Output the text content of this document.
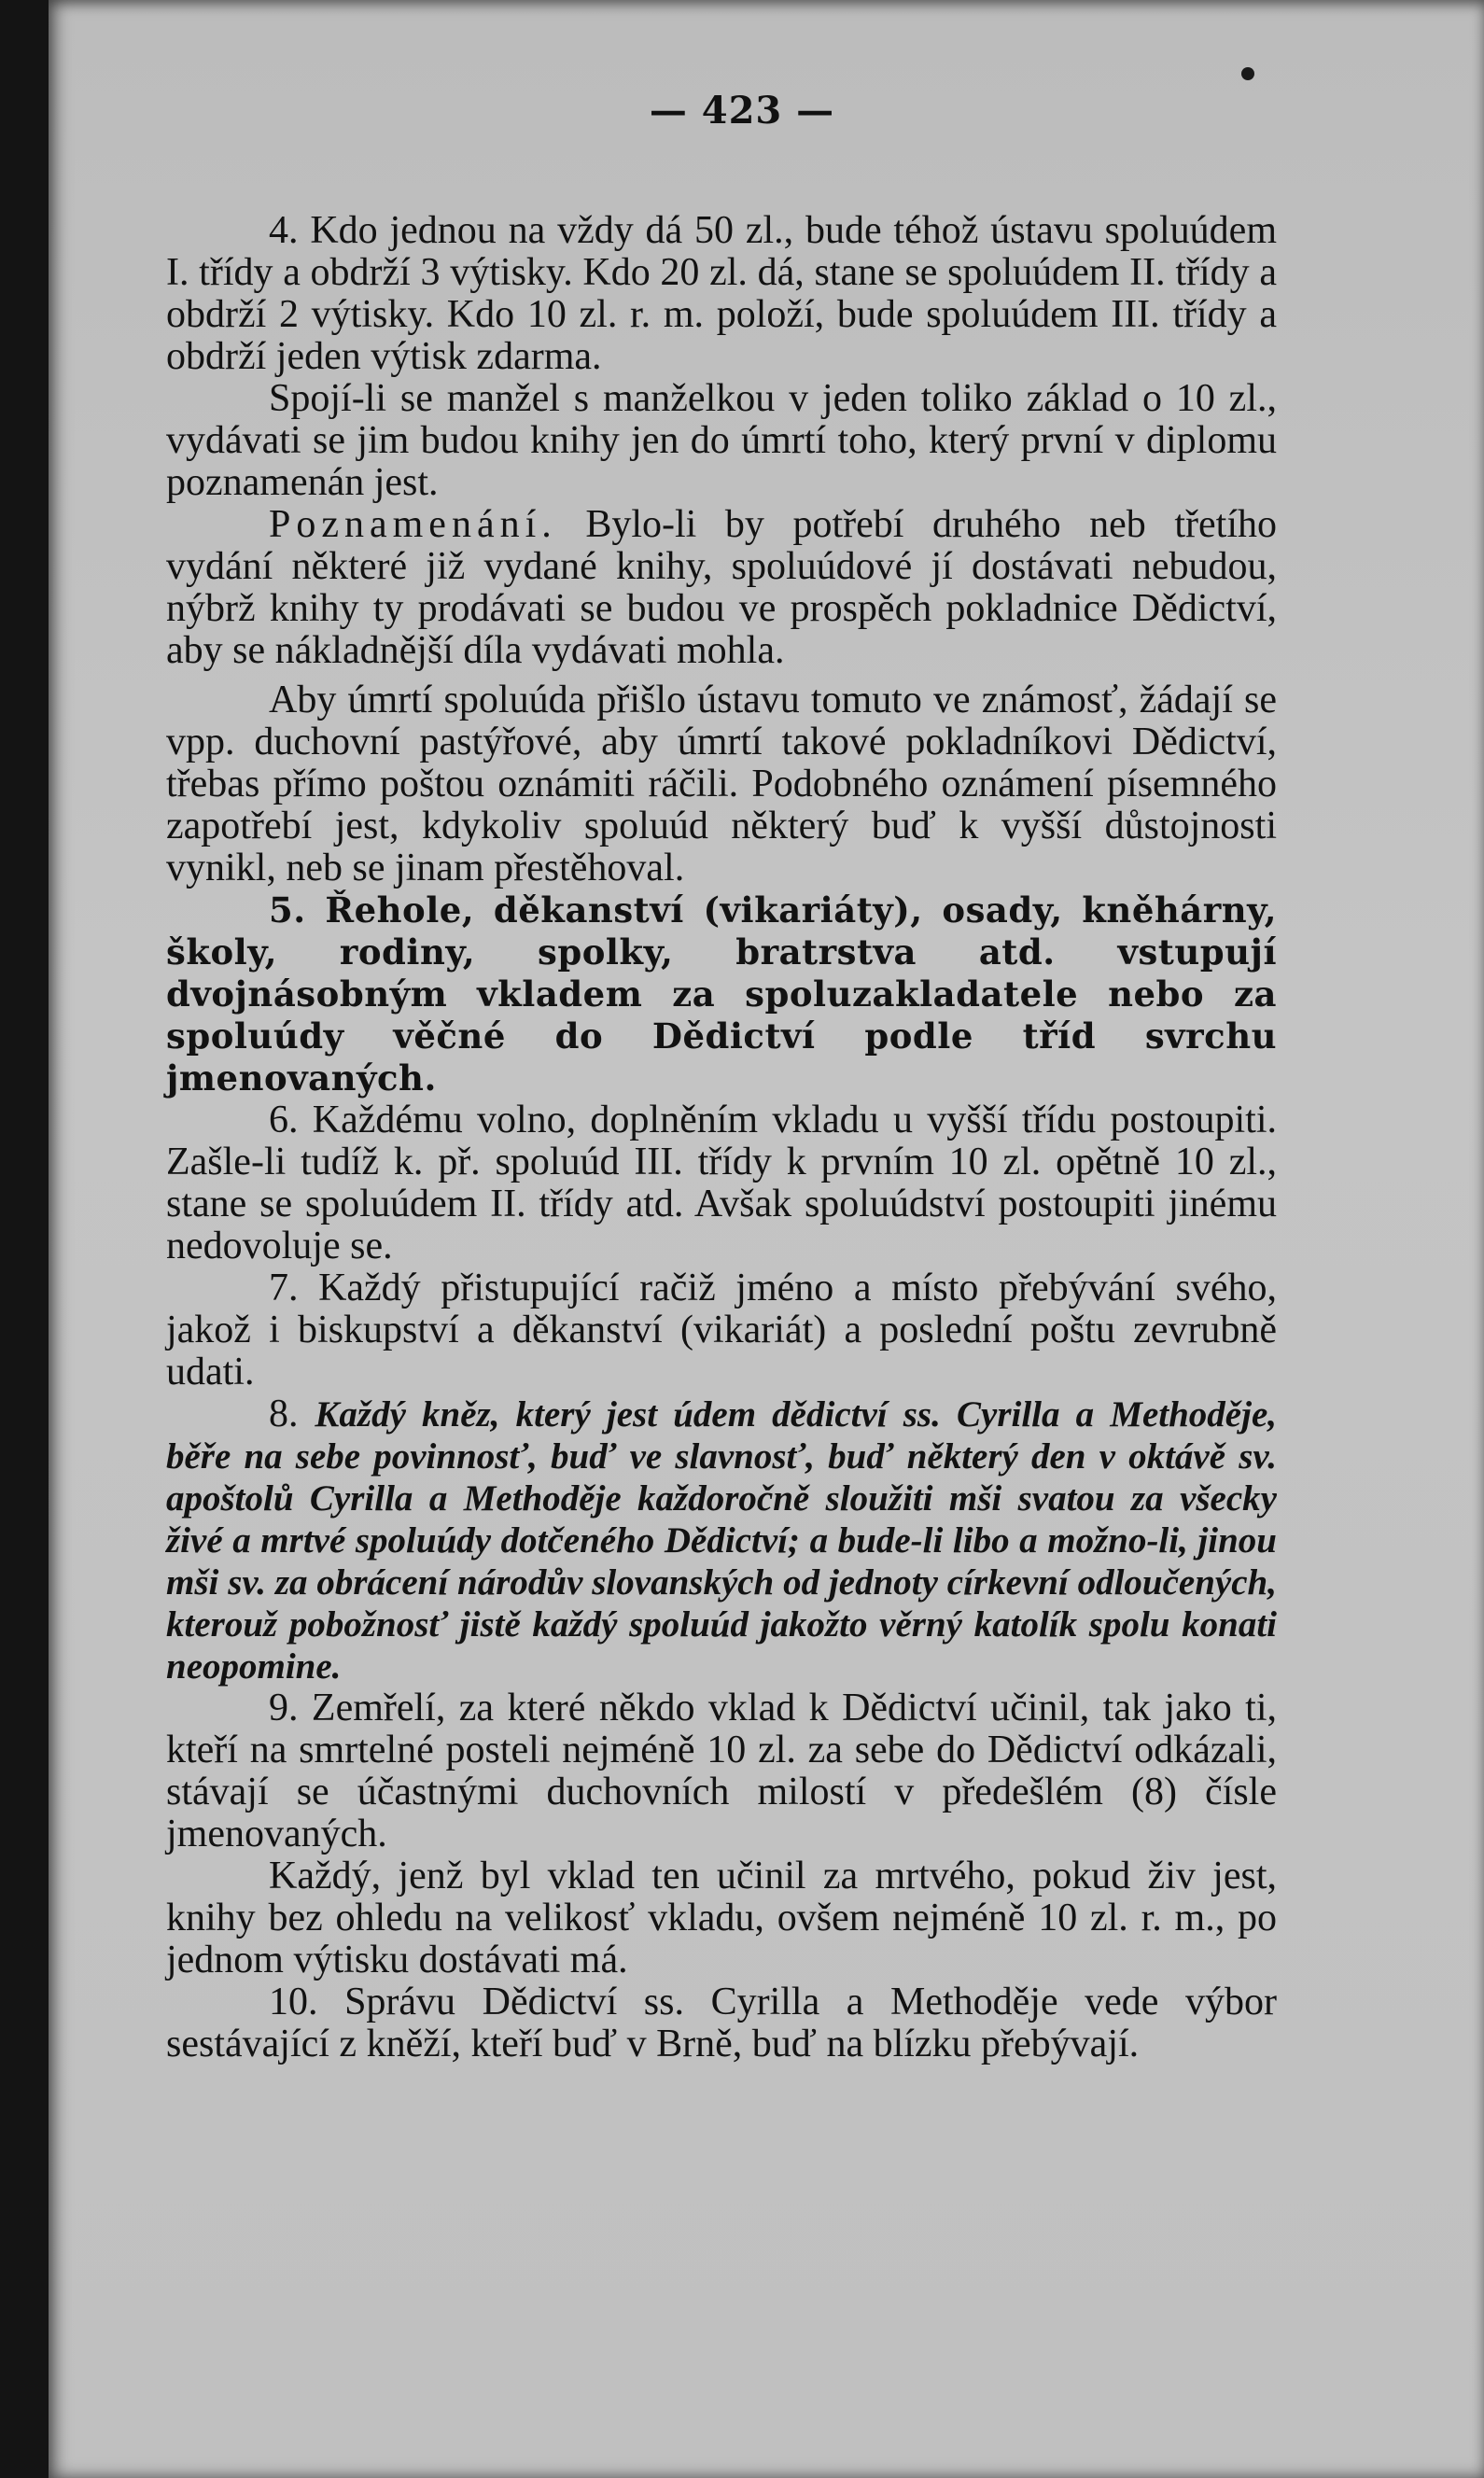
— 423 —

4. Kdo jednou na vždy dá 50 zl., bude téhož ústavu spoluúdem I. třídy a obdrží 3 výtisky. Kdo 20 zl. dá, stane se spoluúdem II. třídy a obdrží 2 výtisky. Kdo 10 zl. r. m. položí, bude spoluúdem III. třídy a obdrží jeden výtisk zdarma.

Spojí-li se manžel s manželkou v jeden toliko základ o 10 zl., vydávati se jim budou knihy jen do úmrtí toho, který první v diplomu poznamenán jest.

Poznamenání. Bylo-li by potřebí druhého neb třetího vydání některé již vydané knihy, spoluúdové jí dostávati nebudou, nýbrž knihy ty prodávati se budou ve prospěch pokladnice Dědictví, aby se nákladnější díla vydávati mohla.

Aby úmrtí spoluúda přišlo ústavu tomuto ve známosť, žádají se vpp. duchovní pastýřové, aby úmrtí takové pokladníkovi Dědictví, třebas přímo poštou oznámiti ráčili. Podobného oznámení písemného zapotřebí jest, kdykoliv spoluúd některý buď k vyšší důstojnosti vynikl, neb se jinam přestěhoval.

5. Řehole, děkanství (vikariáty), osady, kněhárny, školy, rodiny, spolky, bratrstva atd. vstupují dvojnásobným vkladem za spoluzakladatele nebo za spoluúdy věčné do Dědictví podle tříd svrchu jmenovaných.

6. Každému volno, doplněním vkladu u vyšší třídu postoupiti. Zašle-li tudíž k. př. spoluúd III. třídy k prvním 10 zl. opětně 10 zl., stane se spoluúdem II. třídy atd. Avšak spoluúdství postoupiti jinému nedovoluje se.

7. Každý přistupující račiž jméno a místo přebývání svého, jakož i biskupství a děkanství (vikariát) a poslední poštu zevrubně udati.

8. Každý kněz, který jest údem dědictví ss. Cyrilla a Methoděje, běře na sebe povinnosť, buď ve slavnosť, buď některý den v oktávě sv. apoštolů Cyrilla a Methoděje každoročně sloužiti mši svatou za všecky živé a mrtvé spoluúdy dotčeného Dědictví; a bude-li libo a možno-li, jinou mši sv. za obrácení národův slovanských od jednoty církevní odloučených, kterouž pobožnosť jistě každý spoluúd jakožto věrný katolík spolu konati neopomine.

9. Zemřelí, za které někdo vklad k Dědictví učinil, tak jako ti, kteří na smrtelné posteli nejméně 10 zl. za sebe do Dědictví odkázali, stávají se účastnými duchovních milostí v předešlém (8) čísle jmenovaných.

Každý, jenž byl vklad ten učinil za mrtvého, pokud živ jest, knihy bez ohledu na velikosť vkladu, ovšem nejméně 10 zl. r. m., po jednom výtisku dostávati má.

10. Správu Dědictví ss. Cyrilla a Methoděje vede výbor sestávající z kněží, kteří buď v Brně, buď na blízku přebývají.
